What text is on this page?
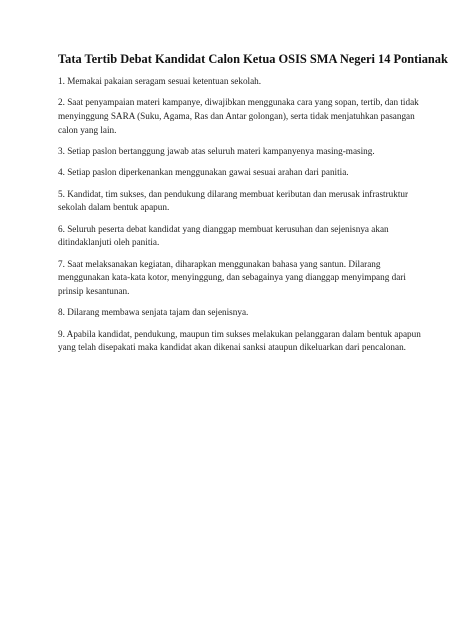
Tata Tertib Debat Kandidat Calon Ketua OSIS SMA Negeri 14 Pontianak
1. Memakai pakaian seragam sesuai ketentuan sekolah.
2. Saat penyampaian materi kampanye, diwajibkan menggunaka cara yang sopan, tertib, dan tidak menyinggung SARA (Suku, Agama, Ras dan Antar golongan), serta tidak menjatuhkan pasangan calon yang lain.
3. Setiap paslon bertanggung jawab atas seluruh materi kampanyenya masing-masing.
4. Setiap paslon diperkenankan menggunakan gawai sesuai arahan dari panitia.
5. Kandidat, tim sukses, dan pendukung dilarang membuat keributan dan merusak infrastruktur sekolah dalam bentuk apapun.
6. Seluruh peserta debat kandidat yang dianggap membuat kerusuhan dan sejenisnya akan ditindaklanjuti oleh panitia.
7. Saat melaksanakan kegiatan, diharapkan menggunakan bahasa yang santun. Dilarang menggunakan kata-kata kotor, menyinggung, dan sebagainya yang dianggap menyimpang dari prinsip kesantunan.
8. Dilarang membawa senjata tajam dan sejenisnya.
9. Apabila kandidat, pendukung, maupun tim sukses melakukan pelanggaran dalam bentuk apapun yang telah disepakati maka kandidat akan dikenai sanksi ataupun dikeluarkan dari pencalonan.
